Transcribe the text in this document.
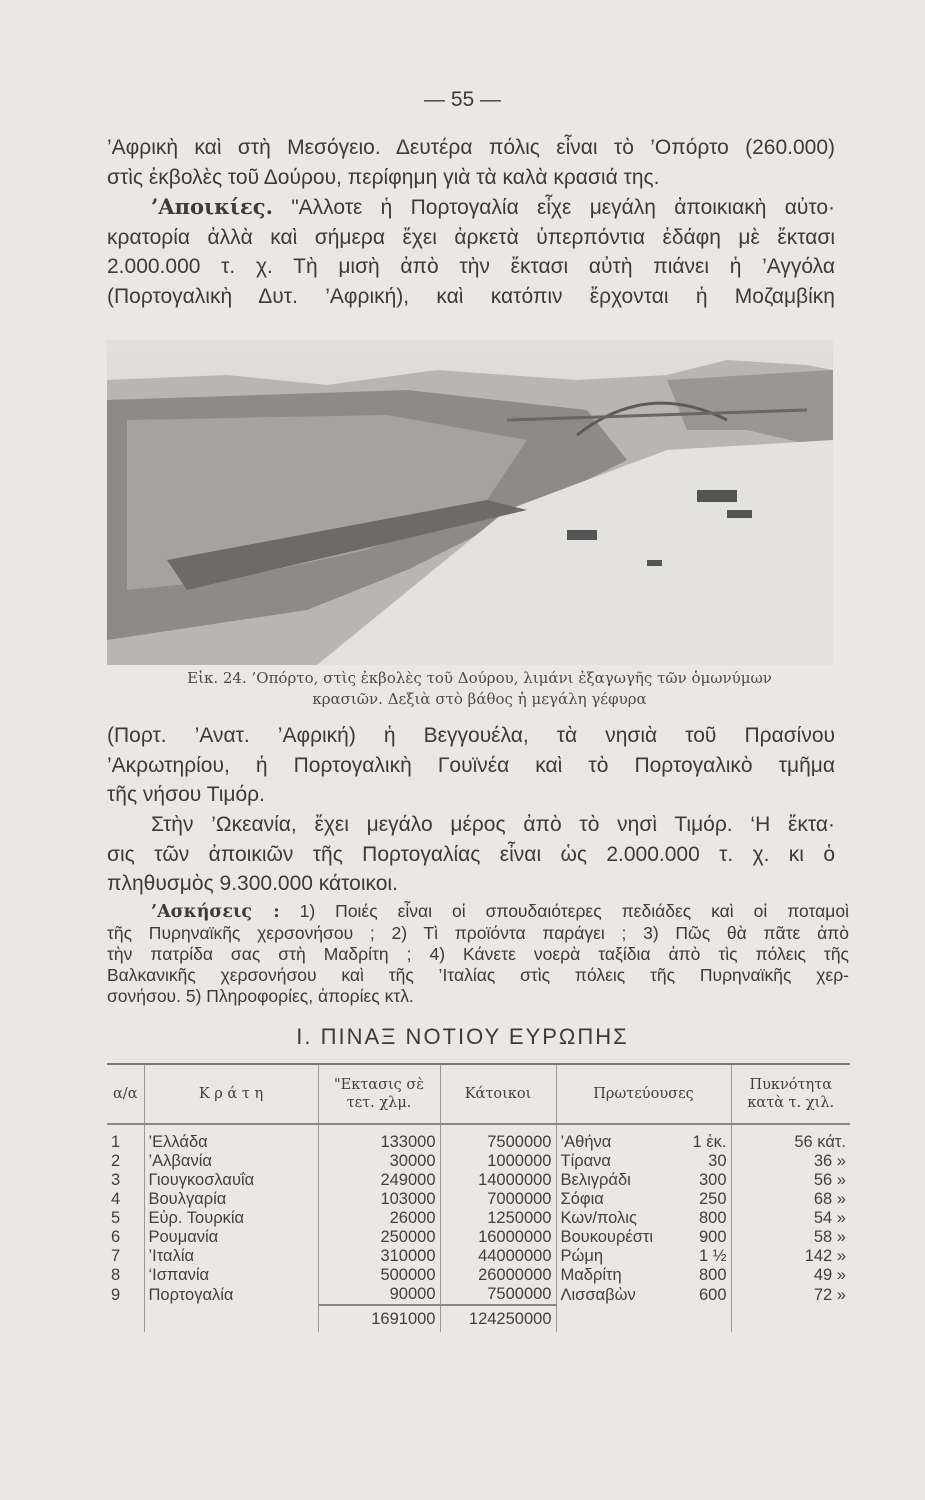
— 55 —
’Αφρικὴ καὶ στὴ Μεσόγειο. Δευτέρα πόλις εἶναι τὸ ’Οπόρτο (260.000)
στὶς ἐκβολὲς τοῦ Δούρου, περίφημη γιὰ τὰ καλὰ κρασιά της.
’Αποικίες. "Αλλοτε ἡ Πορτογαλία εἶχε μεγάλη ἀποικιακὴ αὐτο·
κρατορία ἀλλὰ καὶ σήμερα ἔχει ἀρκετὰ ὑπερπόντια ἐδάφη μὲ ἔκτασι
2.000.000 τ. χ. Τὴ μισὴ ἀπὸ τὴν ἔκτασι αὐτὴ πιάνει ἡ ’Αγγόλα
(Πορτογαλικὴ Δυτ. ’Αφρική), καὶ κατόπιν ἔρχονται ἡ Μοζαμβίκη
Εἰκ. 24. ’Οπόρτο, στὶς ἐκβολὲς τοῦ Δούρου, λιμάνι ἐξαγωγῆς τῶν ὁμωνύμων
κρασιῶν. Δεξιὰ στὸ βάθος ἡ μεγάλη γέφυρα
(Πορτ. ’Ανατ. ’Αφρική) ἡ Βεγγουέλα, τὰ νησιὰ τοῦ Πρασίνου
’Ακρωτηρίου, ἡ Πορτογαλικὴ Γουϊνέα καὶ τὸ Πορτογαλικὸ τμῆμα
τῆς νήσου Τιμόρ.
Στὴν ’Ωκεανία, ἔχει μεγάλο μέρος ἀπὸ τὸ νησὶ Τιμόρ. ‘Η ἔκτα·
σις τῶν ἀποικιῶν τῆς Πορτογαλίας εἶναι ὡς 2.000.000 τ. χ. κι ὁ
πληθυσμὸς 9.300.000 κάτοικοι.
’Ασκήσεις : 1) Ποιές εἶναι οἱ σπουδαιότερες πεδιάδες καὶ οἱ ποταμοὶ
τῆς Πυρηναϊκῆς χερσονήσου ; 2) Τὶ προϊόντα παράγει ; 3) Πῶς θὰ πᾶτε ἀπὸ
τὴν πατρίδα σας στὴ Μαδρίτη ; 4) Κάνετε νοερὰ ταξίδια ἀπὸ τὶς πόλεις τῆς
Βαλκανικῆς χερσονήσου καὶ τῆς ’Ιταλίας στὶς πόλεις τῆς Πυρηναϊκῆς χερ-
σονήσου. 5) Πληροφορίες, ἀπορίες κτλ.
I. ΠΙΝΑΞ ΝΟΤΙΟΥ ΕΥΡΩΠΗΣ
α/α	Κ ρ ά τ η	"Εκτασις σὲ τετ. χλμ.	Κάτοικοι	Πρωτεύουσες		Πυκνότητα κατὰ τ. χιλ.
1	’Ελλάδα	133000	7500000	’Αθήνα	1 ἑκ.	56 κάτ.
2	’Αλβανία	30000	1000000	Τίρανα	30	36 »
3	Γιουγκοσλαυΐα	249000	14000000	Βελιγράδι	300	56 »
4	Βουλγαρία	103000	7000000	Σόφια	250	68 »
5	Εὐρ. Τουρκία	26000	1250000	Κων/πολις	800	54 »
6	Ρουμανία	250000	16000000	Βουκουρέστι	900	58 »
7	’Ιταλία	310000	44000000	Ρώμη	1 ½	142 »
8	‘Ισπανία	500000	26000000	Μαδρίτη	800	49 »
9	Πορτογαλία	90000	7500000	Λισσαβὼν	600	72 »
		1691000	124250000			
